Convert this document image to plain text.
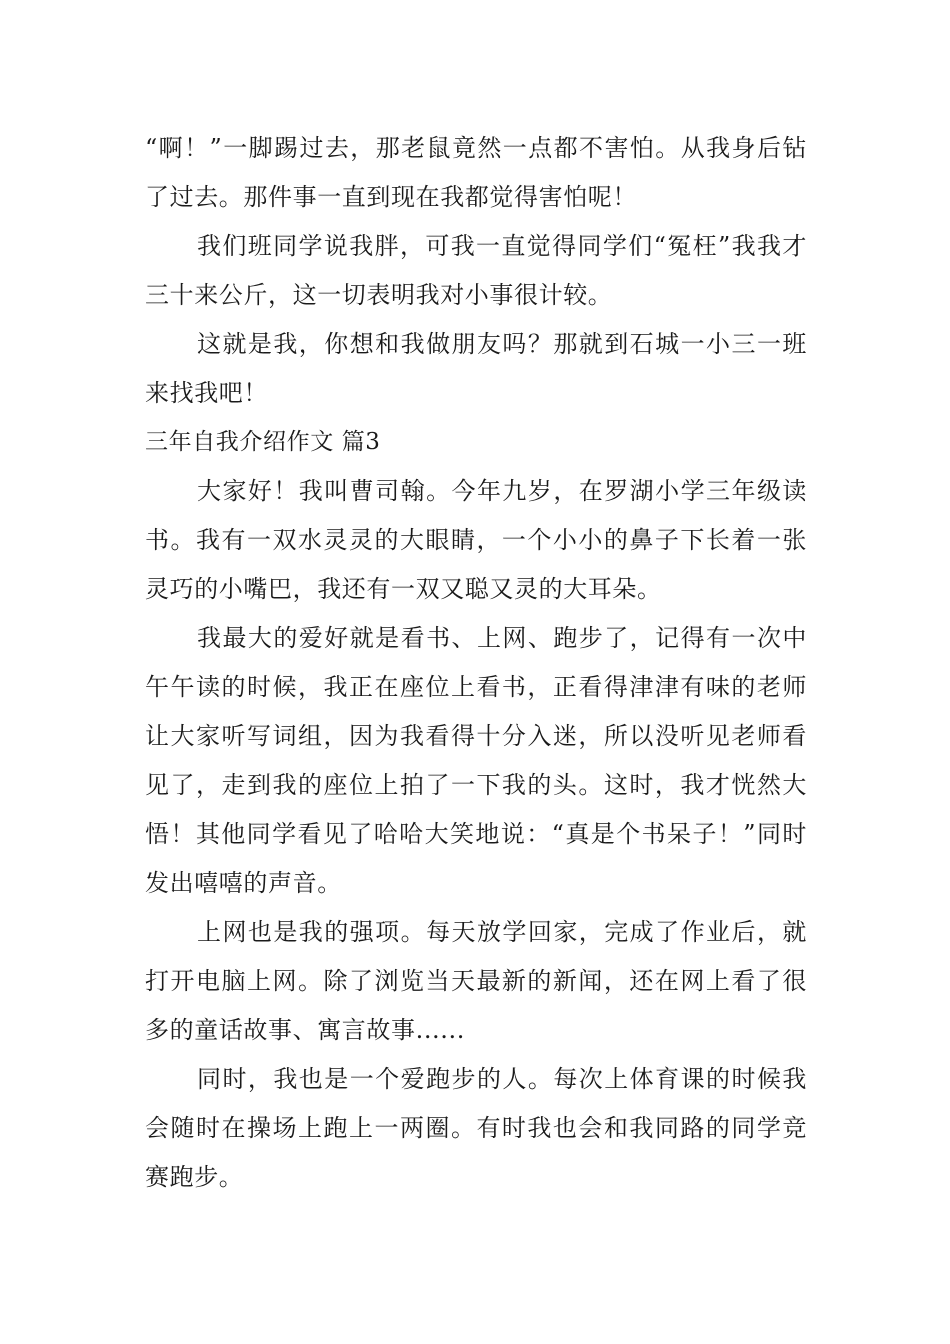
“啊！”一脚踢过去，那老鼠竟然一点都不害怕。从我身后钻了过去。那件事一直到现在我都觉得害怕呢！

我们班同学说我胖，可我一直觉得同学们“冤枉”我我才三十来公斤，这一切表明我对小事很计较。

这就是我，你想和我做朋友吗？那就到石城一小三一班来找我吧！

三年自我介绍作文 篇3

大家好！我叫曹司翰。今年九岁，在罗湖小学三年级读书。我有一双水灵灵的大眼睛，一个小小的鼻子下长着一张灵巧的小嘴巴，我还有一双又聪又灵的大耳朵。

我最大的爱好就是看书、上网、跑步了，记得有一次中午午读的时候，我正在座位上看书，正看得津津有味的老师让大家听写词组，因为我看得十分入迷，所以没听见老师看见了，走到我的座位上拍了一下我的头。这时，我才恍然大悟！其他同学看见了哈哈大笑地说：“真是个书呆子！”同时发出嘻嘻的声音。

上网也是我的强项。每天放学回家，完成了作业后，就打开电脑上网。除了浏览当天最新的新闻，还在网上看了很多的童话故事、寓言故事......

同时，我也是一个爱跑步的人。每次上体育课的时候我会随时在操场上跑上一两圈。有时我也会和我同路的同学竞赛跑步。
